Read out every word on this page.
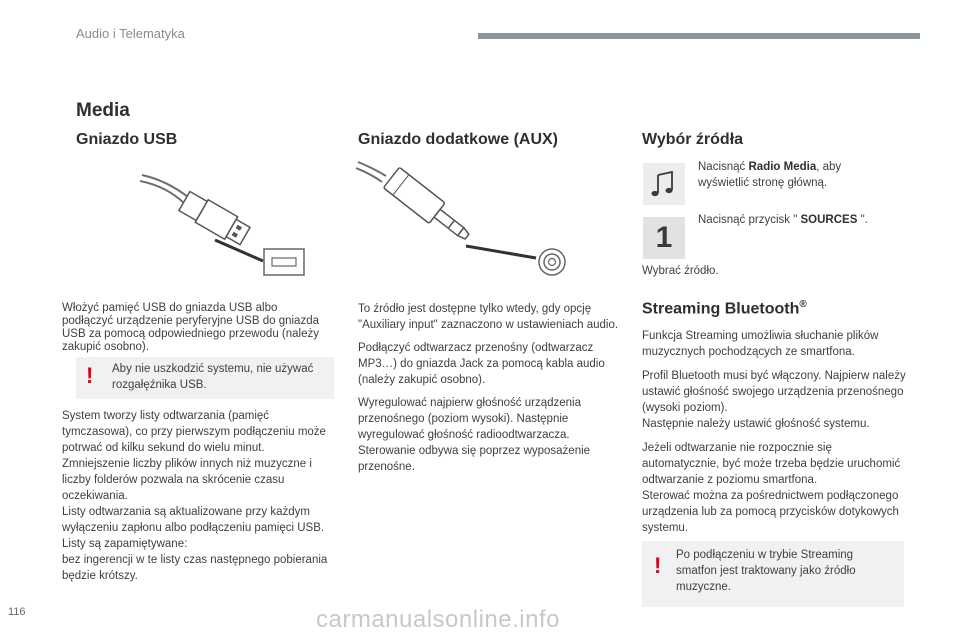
Audio i Telematyka
Media
Gniazdo USB
Włożyć pamięć USB do gniazda USB albo podłączyć urządzenie peryferyjne USB do gniazda USB za pomocą odpowiedniego przewodu (należy zakupić osobno).
! Aby nie uszkodzić systemu, nie używać rozgałęźnika USB.

System tworzy listy odtwarzania (pamięć tymczasowa), co przy pierwszym podłączeniu może potrwać od kilku sekund do wielu minut.

Zmniejszenie liczby plików innych niż muzyczne i liczby folderów pozwala na skrócenie czasu oczekiwania.

Listy odtwarzania są aktualizowane przy każdym wyłączeniu zapłonu albo podłączeniu pamięci USB. Listy są zapamiętywane:

bez ingerencji w te listy czas następnego pobierania będzie krótszy.

Gniazdo dodatkowe (AUX)

To źródło jest dostępne tylko wtedy, gdy opcję "Auxiliary input" zaznaczono w ustawieniach audio.

Podłączyć odtwarzacz przenośny (odtwarzacz MP3…) do gniazda Jack za pomocą kabla audio (należy zakupić osobno).

Wyregulować najpierw głośność urządzenia przenośnego (poziom wysoki). Następnie wyregulować głośność radioodtwarzacza.

Sterowanie odbywa się poprzez wyposażenie przenośne.

Wybór źródła
Nacisnąć Radio Media, aby wyświetlić stronę główną.
1
Nacisnąć przycisk " SOURCES ".
Wybrać źródło.
Streaming Bluetooth®

Funkcja Streaming umożliwia słuchanie plików muzycznych pochodzących ze smartfona.

Profil Bluetooth musi być włączony. Najpierw należy ustawić głośność swojego urządzenia przenośnego (wysoki poziom).

Następnie należy ustawić głośność systemu.

Jeżeli odtwarzanie nie rozpocznie się automatycznie, być może trzeba będzie uruchomić odtwarzanie z poziomu smartfona.

Sterować można za pośrednictwem podłączonego urządzenia lub za pomocą przycisków dotykowych systemu.

! Po podłączeniu w trybie Streaming smatfon jest traktowany jako źródło muzyczne.
116	carmanualsonline.info
